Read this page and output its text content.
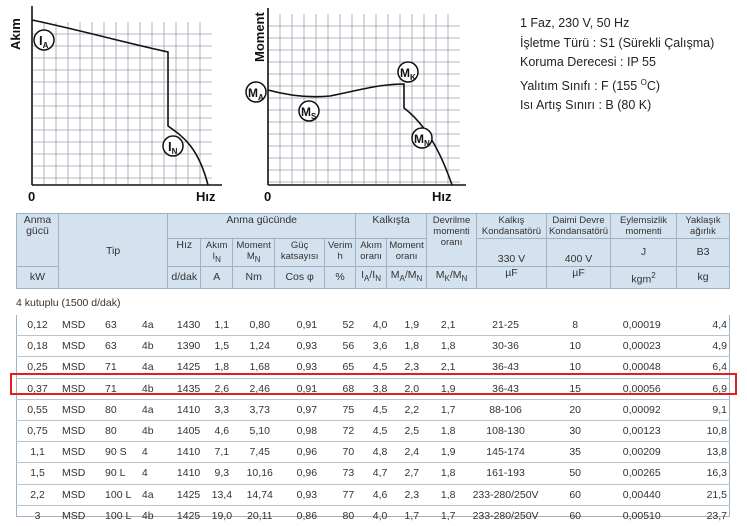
Akım
Hız
0
Moment
Hız
0
$I_A$
$I_N$
$M_A$
$M_S$
$M_K$
$M_N$
1 Faz, 230 V, 50 Hz
İşletme Türü : S1 (Sürekli Çalışma)
Koruma Derecesi : IP 55
Yalıtım Sınıfı : F (155 $^O$C)
Isı Artış Sınırı : B (80 K)
Anma gücü	Tip	Anma gücünde					Kalkışta		Devrilme momenti oranı	Kalkış Kondansatörü	Daimi Devre Kondansatörü	Eylemsizlik momenti	Yaklaşık ağırlık
		Hız	Akım
$I_N$	Moment
$M_N$	Güç katsayısı	Verim
h	Akım oranı	Moment oranı		330 V	400 V	J	B3
kW		d/dak	A	Nm	Cos φ	%	$I_A/I_N$	$M_A/M_N$	$M_K/M_N$	µF	µF	kgm$^2$	kg
4 kutuplu (1500 d/dak)
0,12	MSD	63	4a	1430	1,1	0,80	0,91	52	4,0	1,9	2,1	21-25	8	0,00019	4,4
0,18	MSD	63	4b	1390	1,5	1,24	0,93	56	3,6	1,8	1,8	30-36	10	0,00023	4,9
0,25	MSD	71	4a	1425	1,8	1,68	0,93	65	4,5	2,3	2,1	36-43	10	0,00048	6,4
0,37	MSD	71	4b	1435	2,6	2,46	0,91	68	3,8	2,0	1,9	36-43	15	0,00056	6,9
0,55	MSD	80	4a	1410	3,3	3,73	0,97	75	4,5	2,2	1,7	88-106	20	0,00092	9,1
0,75	MSD	80	4b	1405	4,6	5,10	0,98	72	4,5	2,5	1,8	108-130	30	0,00123	10,8
1,1	MSD	90 S	4	1410	7,1	7,45	0,96	70	4,8	2,4	1,9	145-174	35	0,00209	13,8
1,5	MSD	90 L	4	1410	9,3	10,16	0,96	73	4,7	2,7	1,8	161-193	50	0,00265	16,3
2,2	MSD	100 L	4a	1425	13,4	14,74	0,93	77	4,6	2,3	1,8	233-280/250V	60	0,00440	21,5
3	MSD	100 L	4b	1425	19,0	20,11	0,86	80	4,0	1,7	1,7	233-280/250V	60	0,00510	23,7
